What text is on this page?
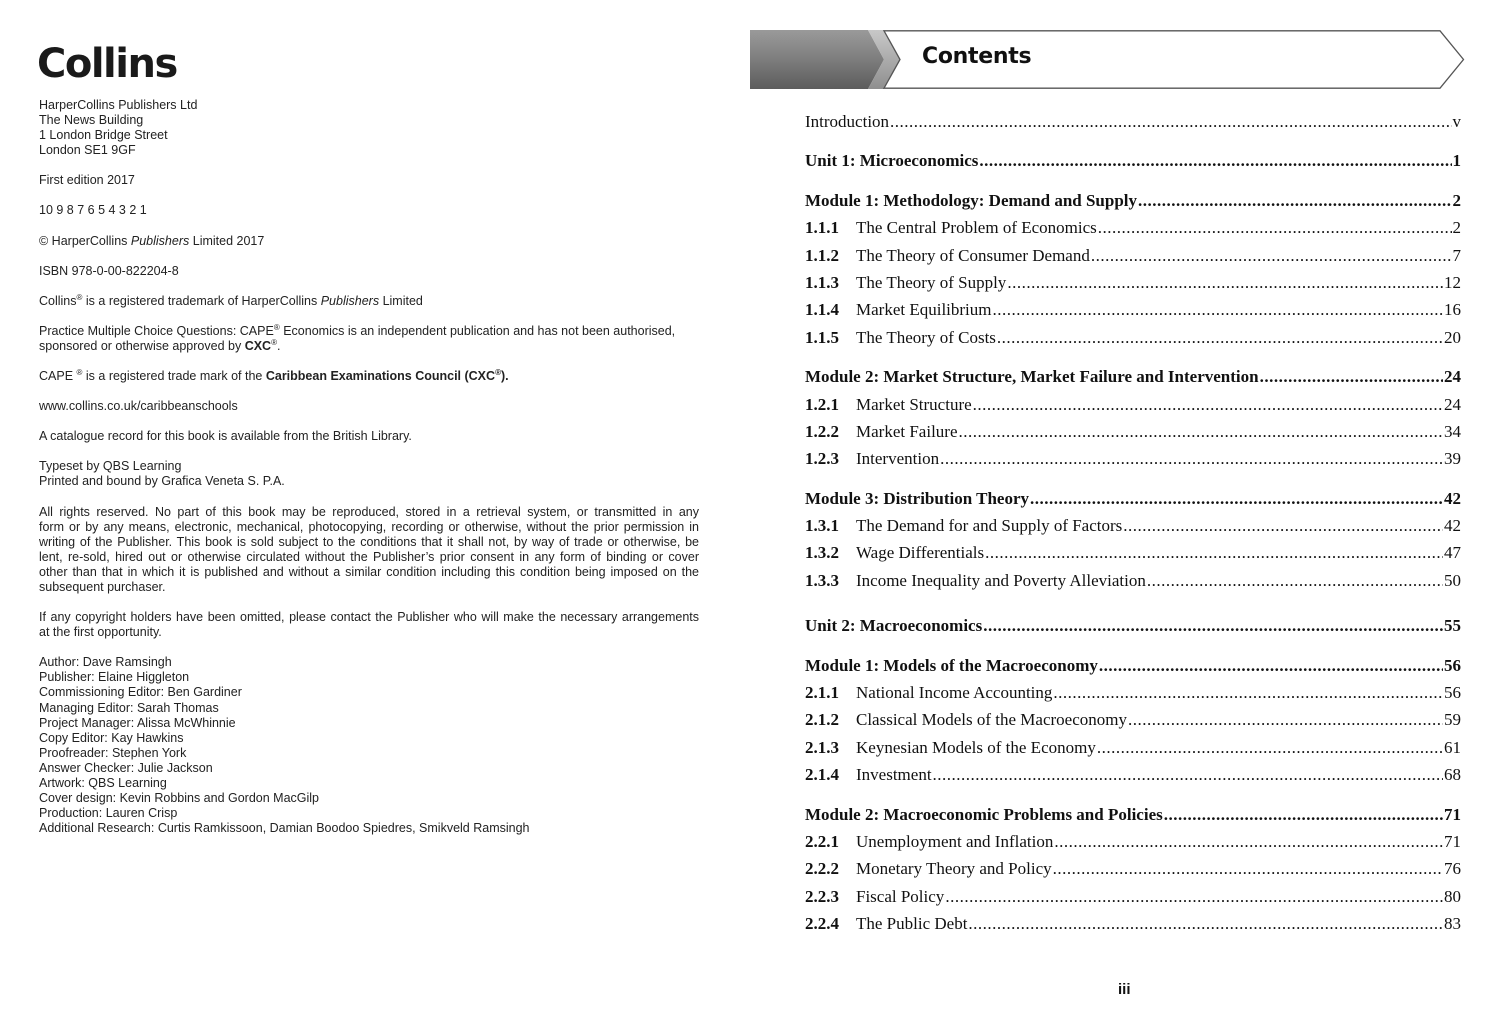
Collins
HarperCollins Publishers Ltd
The News Building
1 London Bridge Street
London SE1 9GF
First edition 2017
10 9 8 7 6 5 4 3 2 1
© HarperCollins Publishers Limited 2017
ISBN 978-0-00-822204-8
Collins® is a registered trademark of HarperCollins Publishers Limited
Practice Multiple Choice Questions: CAPE® Economics is an independent publication and has not been authorised,
sponsored or otherwise approved by CXC®.
CAPE ® is a registered trade mark of the Caribbean Examinations Council (CXC®).
www.collins.co.uk/caribbeanschools
A catalogue record for this book is available from the British Library.
Typeset by QBS Learning
Printed and bound by Grafica Veneta S. P.A.
All rights reserved. No part of this book may be reproduced, stored in a retrieval system, or transmitted in any
form or by any means, electronic, mechanical, photocopying, recording or otherwise, without the prior permission in
writing of the Publisher. This book is sold subject to the conditions that it shall not, by way of trade or otherwise, be
lent, re-sold, hired out or otherwise circulated without the Publisher’s prior consent in any form of binding or cover
other than that in which it is published and without a similar condition including this condition being imposed on the
subsequent purchaser.
If any copyright holders have been omitted, please contact the Publisher who will make the necessary arrangements
at the first opportunity.
Author: Dave Ramsingh
Publisher: Elaine Higgleton
Commissioning Editor: Ben Gardiner
Managing Editor: Sarah Thomas
Project Manager: Alissa McWhinnie
Copy Editor: Kay Hawkins
Proofreader: Stephen York
Answer Checker: Julie Jackson
Artwork: QBS Learning
Cover design: Kevin Robbins and Gordon MacGilp
Production: Lauren Crisp
Additional Research: Curtis Ramkissoon, Damian Boodoo Spiedres, Smikveld Ramsingh
Contents
Introduction .....	v
Unit 1: Microeconomics .....	1
Module 1: Methodology: Demand and Supply .....	2
1.1.1	The Central Problem of Economics .....	2
1.1.2	The Theory of Consumer Demand .....	7
1.1.3	The Theory of Supply .....	12
1.1.4	Market Equilibrium .....	16
1.1.5	The Theory of Costs .....	20
Module 2: Market Structure, Market Failure and Intervention .....	24
1.2.1	Market Structure .....	24
1.2.2	Market Failure .....	34
1.2.3	Intervention .....	39
Module 3: Distribution Theory .....	42
1.3.1	The Demand for and Supply of Factors .....	42
1.3.2	Wage Differentials .....	47
1.3.3	Income Inequality and Poverty Alleviation .....	50
Unit 2: Macroeconomics .....	55
Module 1: Models of the Macroeconomy .....	56
2.1.1	National Income Accounting .....	56
2.1.2	Classical Models of the Macroeconomy .....	59
2.1.3	Keynesian Models of the Economy .....	61
2.1.4	Investment .....	68
Module 2: Macroeconomic Problems and Policies .....	71
2.2.1	Unemployment and Inflation .....	71
2.2.2	Monetary Theory and Policy .....	76
2.2.3	Fiscal Policy .....	80
2.2.4	The Public Debt .....	83
iii
